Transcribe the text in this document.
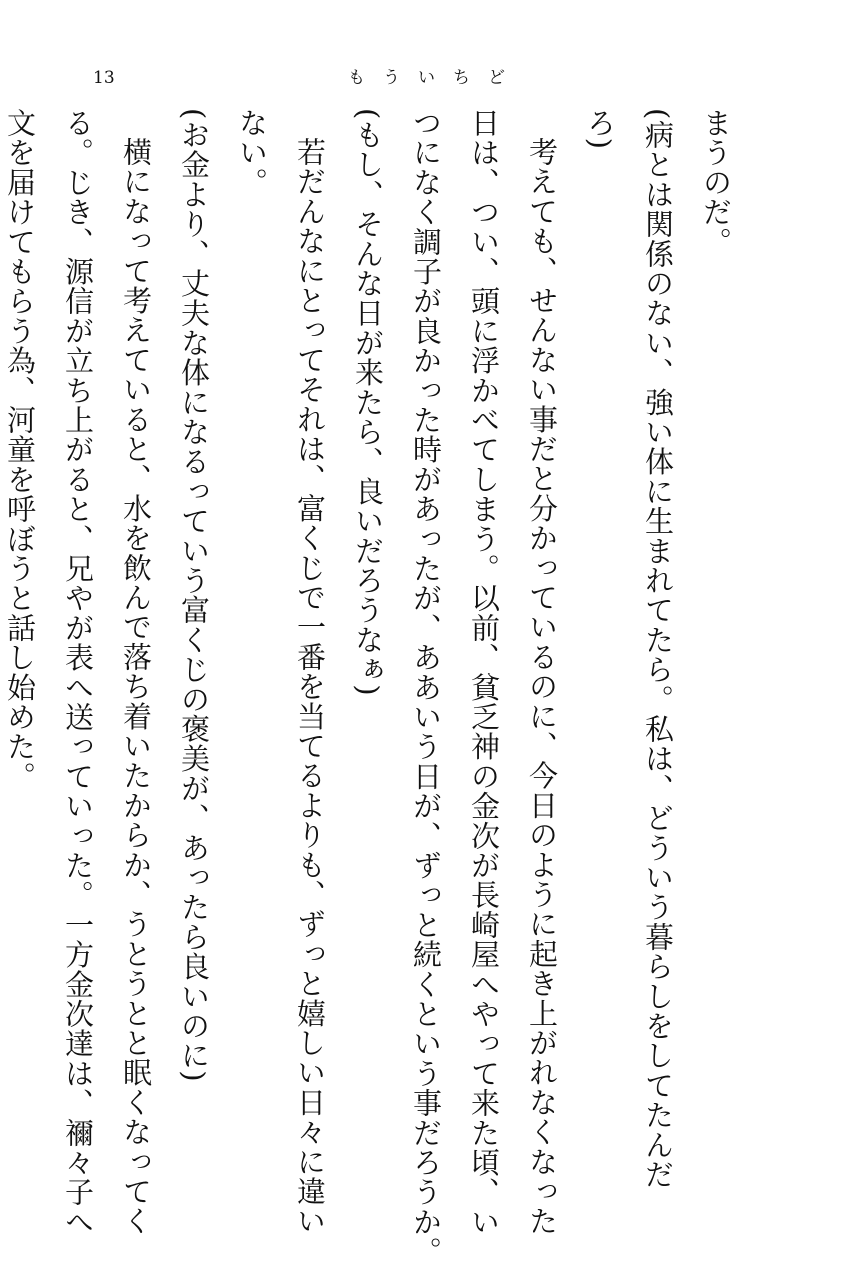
13	もういちど
まうのだ。
(病とは関係のない、強い体に生まれてたら。私は、どういう暮らしをしてたんだ
ろ)
考えても、せんない事だと分かっているのに、今日のように起き上がれなくなった
日は、つい、頭に浮かべてしまう。以前、貧乏神の金次が長崎屋へやって来た頃、い
つになく調子が良かった時があったが、ああいう日が、ずっと続くという事だろうか。
(もし、そんな日が来たら、良いだろうなぁ)
若だんなにとってそれは、富くじで一番を当てるよりも、ずっと嬉しい日々に違い
ない。
(お金より、丈夫な体になるっていう富くじの褒美が、あったら良いのに)
横になって考えていると、水を飲んで落ち着いたからか、うとうとと眠くなってく
る。じき、源信が立ち上がると、兄やが表へ送っていった。一方金次達は、禰々子へ
文を届けてもらう為、河童を呼ぼうと話し始めた。
